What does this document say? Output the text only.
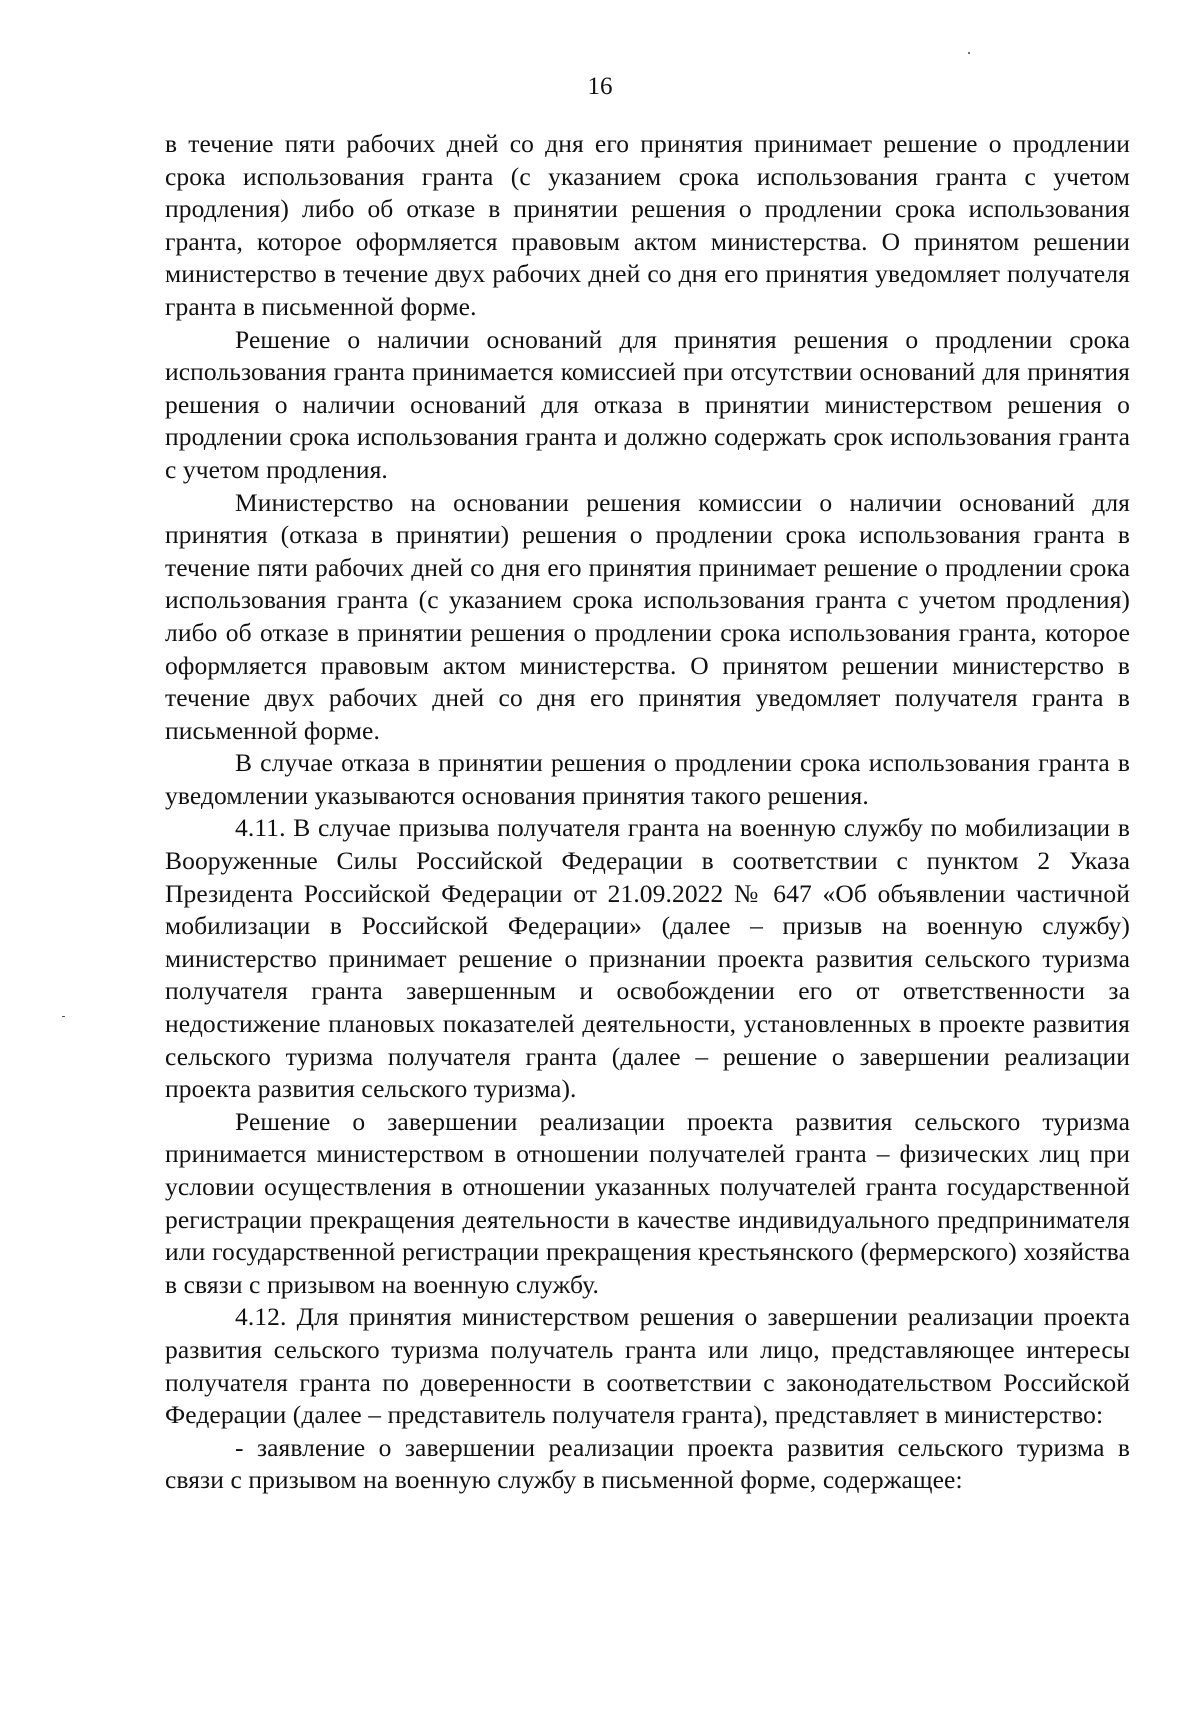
16

в течение пяти рабочих дней со дня его принятия принимает решение о продлении срока использования гранта (с указанием срока использования гранта с учетом продления) либо об отказе в принятии решения о продлении срока использования гранта, которое оформляется правовым актом министерства. О принятом решении министерство в течение двух рабочих дней со дня его принятия уведомляет получателя гранта в письменной форме.

Решение о наличии оснований для принятия решения о продлении срока использования гранта принимается комиссией при отсутствии оснований для принятия решения о наличии оснований для отказа в принятии министерством решения о продлении срока использования гранта и должно содержать срок использования гранта с учетом продления.

Министерство на основании решения комиссии о наличии оснований для принятия (отказа в принятии) решения о продлении срока использования гранта в течение пяти рабочих дней со дня его принятия принимает решение о продлении срока использования гранта (с указанием срока использования гранта с учетом продления) либо об отказе в принятии решения о продлении срока использования гранта, которое оформляется правовым актом министерства. О принятом решении министерство в течение двух рабочих дней со дня его принятия уведомляет получателя гранта в письменной форме.

В случае отказа в принятии решения о продлении срока использования гранта в уведомлении указываются основания принятия такого решения.

4.11. В случае призыва получателя гранта на военную службу по мобилизации в Вооруженные Силы Российской Федерации в соответствии с пунктом 2 Указа Президента Российской Федерации от 21.09.2022 № 647 «Об объявлении частичной мобилизации в Российской Федерации» (далее – призыв на военную службу) министерство принимает решение о признании проекта развития сельского туризма получателя гранта завершенным и освобождении его от ответственности за недостижение плановых показателей деятельности, установленных в проекте развития сельского туризма получателя гранта (далее – решение о завершении реализации проекта развития сельского туризма).

Решение о завершении реализации проекта развития сельского туризма принимается министерством в отношении получателей гранта – физических лиц при условии осуществления в отношении указанных получателей гранта государственной регистрации прекращения деятельности в качестве индивидуального предпринимателя или государственной регистрации прекращения крестьянского (фермерского) хозяйства в связи с призывом на военную службу.

4.12. Для принятия министерством решения о завершении реализации проекта развития сельского туризма получатель гранта или лицо, представляющее интересы получателя гранта по доверенности в соответствии с законодательством Российской Федерации (далее – представитель получателя гранта), представляет в министерство:

- заявление о завершении реализации проекта развития сельского туризма в связи с призывом на военную службу в письменной форме, содержащее:
